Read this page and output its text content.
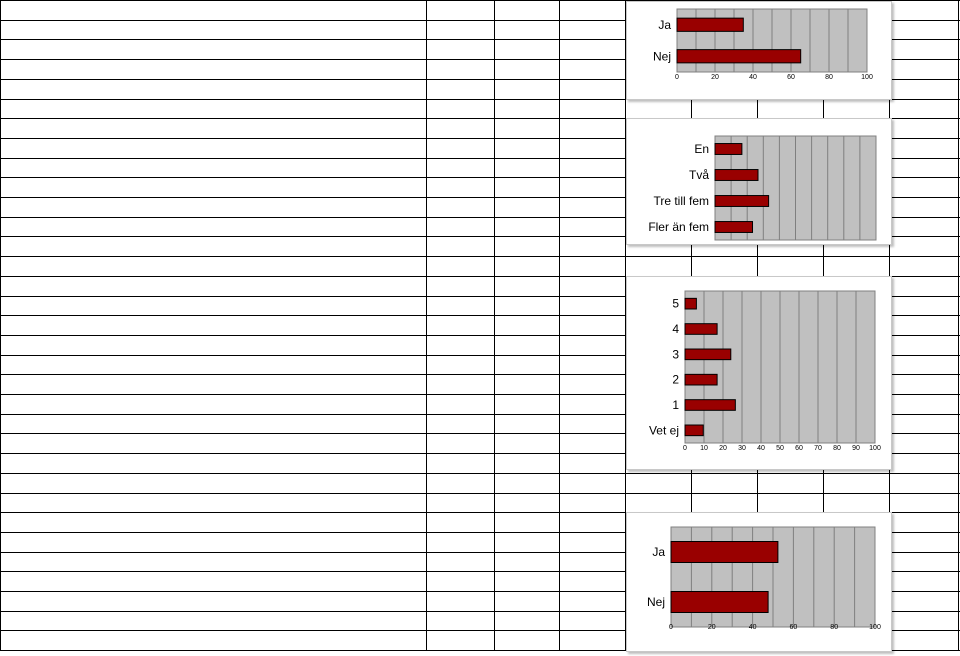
Ja
Nej
0	20	40	60	80	100
En
Två
Tre till fem
Fler än fem
5
4
3
2
1
Vet ej
0 10 20 30 40 50 60 70 80 90 100
Ja
Nej
0	20	40	60	80	100
